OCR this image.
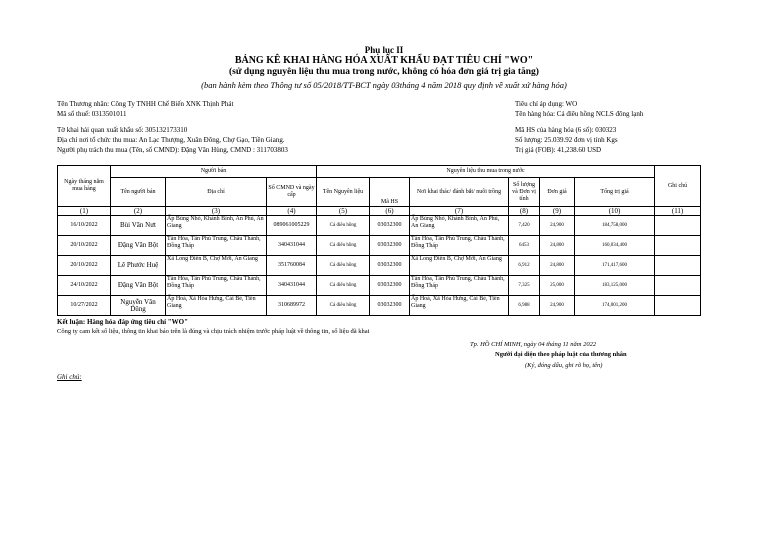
Phụ lục II
BẢNG KÊ KHAI HÀNG HÓA XUẤT KHẨU ĐẠT TIÊU CHÍ "WO"
(sử dụng nguyên liệu thu mua trong nước, không có hóa đơn giá trị gia tăng)
(ban hành kèm theo Thông tư số 05/2018/TT-BCT ngày 03tháng 4 năm 2018 quy định về xuất xứ hàng hóa)
Tên Thương nhân: Công Ty TNHH Chế Biến XNK Thịnh Phát
Mã số thuế: 0313501011
Tờ khai hải quan xuất khẩu số: 305132173310
Địa chỉ nơi tổ chức thu mua: An Lạc Thượng, Xuân Đông, Chợ Gạo, Tiền Giang.
Người phụ trách thu mua (Tên, số CMND): Đặng Văn Hùng, CMND : 311703803
Tiêu chí áp dụng: WO
Tên hàng hóa: Cá điêu hồng NCLS đông lạnh
Mã HS của hàng hóa (6 số): 030323
Số lượng: 25.039.92 đơn vị tính Kgs
Trị giá (FOB): 41,238.60 USD
Ngày tháng năm mua hàng	Người bán			Nguyên liệu thu mua trong nước						Ghi chú
	Tên người bán	Địa chỉ	Số CMND và ngày cấp	Tên Nguyên liệu	Mã HS	Nơi khai thác/ đánh bắt/ nuôi trồng	Số lượng và Đơn vị tính	Đơn giá	Tổng trị giá	
(1)	(2)	(3)	(4)	(5)	(6)	(7)	(8)	(9)	(10)	(11)
16/10/2022	Bùi Văn Nưt	Ấp Bùng Nhỏ, Khánh Bình, An Phú, An Giang	089061005229	Cá điêu hồng	03032300	Ấp Bùng Nhỏ, Khánh Bình, An Phú, An Giang	7,420	24,900	184,758,000	
20/10/2022	Đặng Văn Bột	Tân Hòa, Tân Phú Trung, Châu Thành, Đồng Tháp	340431044	Cá điêu hồng	03032300	Tân Hòa, Tân Phú Trung, Châu Thành, Đồng Tháp	6453	24,800	160,034,400	
20/10/2022	Lê Phước Huệ	Xã Long Điền B, Chợ Mới, An Giang	351760084	Cá điêu hồng	03032300	Xã Long Điền B, Chợ Mới, An Giang	6,912	24,800	171,417,600	
24/10/2022	Đặng Văn Bột	Tân Hòa, Tân Phú Trung, Châu Thành, Đồng Tháp	340431044	Cá điêu hồng	03032300	Tân Hòa, Tân Phú Trung, Châu Thành, Đồng Tháp	7,325	25,000	183,125,000	
10/27/2022	Nguyễn Văn Dũng	Ấp Hoà, Xã Hòa Hưng, Cái Bè, Tiền Giang	310689972	Cá điêu hồng	03032300	Ấp Hoà, Xã Hòa Hưng, Cái Bè, Tiền Giang	6,988	24,900	174,001,200	
Kết luận: Hàng hóa đáp ứng tiêu chí "WO"
Công ty cam kết số liệu, thông tin khai báo trên là đúng và chịu trách nhiệm trước pháp luật về thông tin, số liệu đã khai
Tp. HỒ CHÍ MINH, ngày 04 tháng 11 năm 2022
Người đại diện theo pháp luật của thương nhân
(Ký, đóng dấu, ghi rõ họ, tên)
Ghi chú:
